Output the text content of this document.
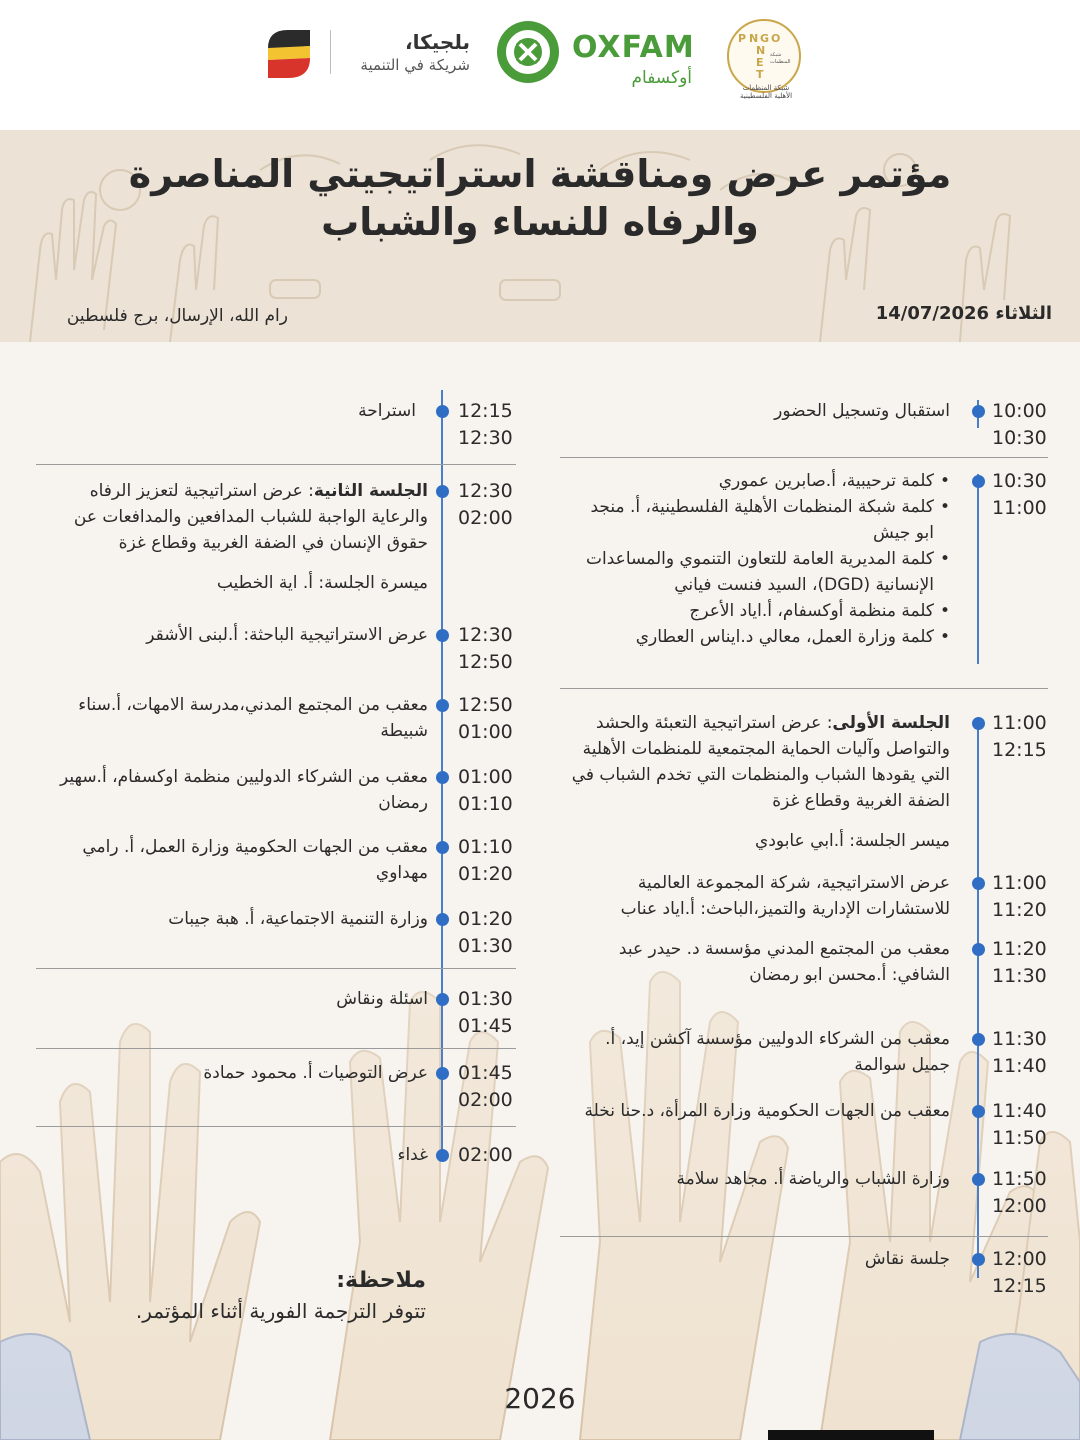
بلجيكا،
شريكة في التنمية	OXFAM
أوكسفام
P N G O
N
E
T
شبكة
المنظمات
شبكة المنظمات الأهلية الفلسطينية
مؤتمر عرض ومناقشة استراتيجيتي المناصرة
والرفاه للنساء والشباب
الثلاثاء 14/07/2026
رام الله، الإرسال، برج فلسطين
10:00
10:30
استقبال وتسجيل الحضور
10:30
11:00
• كلمة ترحيبية، أ.صابرين عموري
• كلمة شبكة المنظمات الأهلية الفلسطينية، أ. منجد ابو جيش
• كلمة المديرية العامة للتعاون التنموي والمساعدات الإنسانية (DGD)، السيد فنست فياني
• كلمة منظمة أوكسفام، أ.اياد الأعرج
• كلمة وزارة العمل، معالي د.ايناس العطاري
11:00
12:15
الجلسة الأولى: عرض استراتيجية التعبئة والحشد والتواصل وآليات الحماية المجتمعية للمنظمات الأهلية التي يقودها الشباب والمنظمات التي تخدم الشباب في الضفة الغربية وقطاع غزة
ميسر الجلسة: أ.ابي عابودي
11:00
11:20
عرض الاستراتيجية، شركة المجموعة العالمية للاستشارات الإدارية والتميز،الباحث: أ.اياد عناب
11:20
11:30
معقب من المجتمع المدني مؤسسة د. حيدر عبد الشافي: أ.محسن ابو رمضان
11:30
11:40
معقب من الشركاء الدوليين مؤسسة آكشن إيد، أ. جميل سوالمة
11:40
11:50
معقب من الجهات الحكومية وزارة المرأة، د.حنا نخلة
11:50
12:00
وزارة الشباب والرياضة أ. مجاهد سلامة
12:00
12:15
جلسة نقاش
12:15
12:30
استراحة
12:30
02:00
الجلسة الثانية: عرض استراتيجية لتعزيز الرفاه والرعاية الواجبة للشباب المدافعين والمدافعات عن حقوق الإنسان في الضفة الغربية وقطاع غزة
ميسرة الجلسة: أ. اية الخطيب
12:30
12:50
عرض الاستراتيجية الباحثة: أ.لبنى الأشقر
12:50
01:00
معقب من المجتمع المدني،مدرسة الامهات، أ.سناء شبيطة
01:00
01:10
معقب من الشركاء الدوليين منظمة اوكسفام، أ.سهير رمضان
01:10
01:20
معقب من الجهات الحكومية وزارة العمل، أ. رامي مهداوي
01:20
01:30
وزارة التنمية الاجتماعية، أ. هبة جيبات
01:30
01:45
اسئلة ونقاش
01:45
02:00
عرض التوصيات أ. محمود حمادة
02:00
غداء
ملاحظة:
تتوفر الترجمة الفورية أثناء المؤتمر.
2026
